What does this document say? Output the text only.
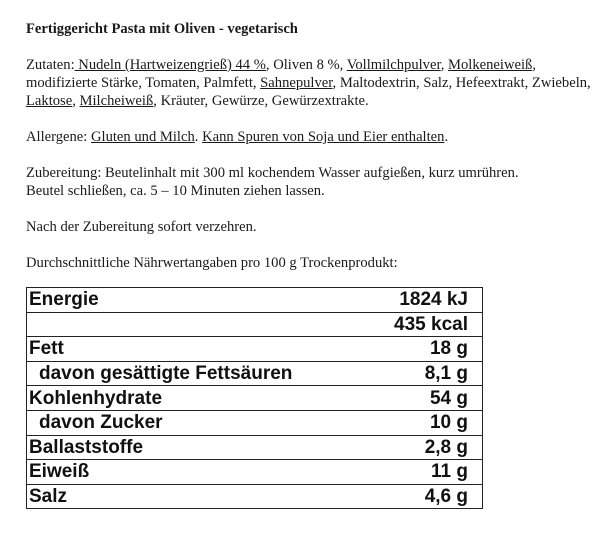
Fertiggericht Pasta mit Oliven - vegetarisch
Zutaten: Nudeln (Hartweizengrieß) 44 %, Oliven 8 %, Vollmilchpulver, Molkeneiweiß, modifizierte Stärke, Tomaten, Palmfett, Sahnepulver, Maltodextrin, Salz, Hefeextrakt, Zwiebeln, Laktose, Milcheiweiß, Kräuter, Gewürze, Gewürzextrakte.
Allergene: Gluten und Milch. Kann Spuren von Soja und Eier enthalten.
Zubereitung: Beutelinhalt mit 300 ml kochendem Wasser aufgießen, kurz umrühren.
Beutel schließen, ca. 5 – 10 Minuten ziehen lassen.
Nach der Zubereitung sofort verzehren.
Durchschnittliche Nährwertangaben pro 100 g Trockenprodukt:
Energie	1824 kJ
	435 kcal
Fett	18 g
davon gesättigte Fettsäuren	8,1 g
Kohlenhydrate	54 g
davon Zucker	10 g
Ballaststoffe	2,8 g
Eiweiß	11 g
Salz	4,6 g
